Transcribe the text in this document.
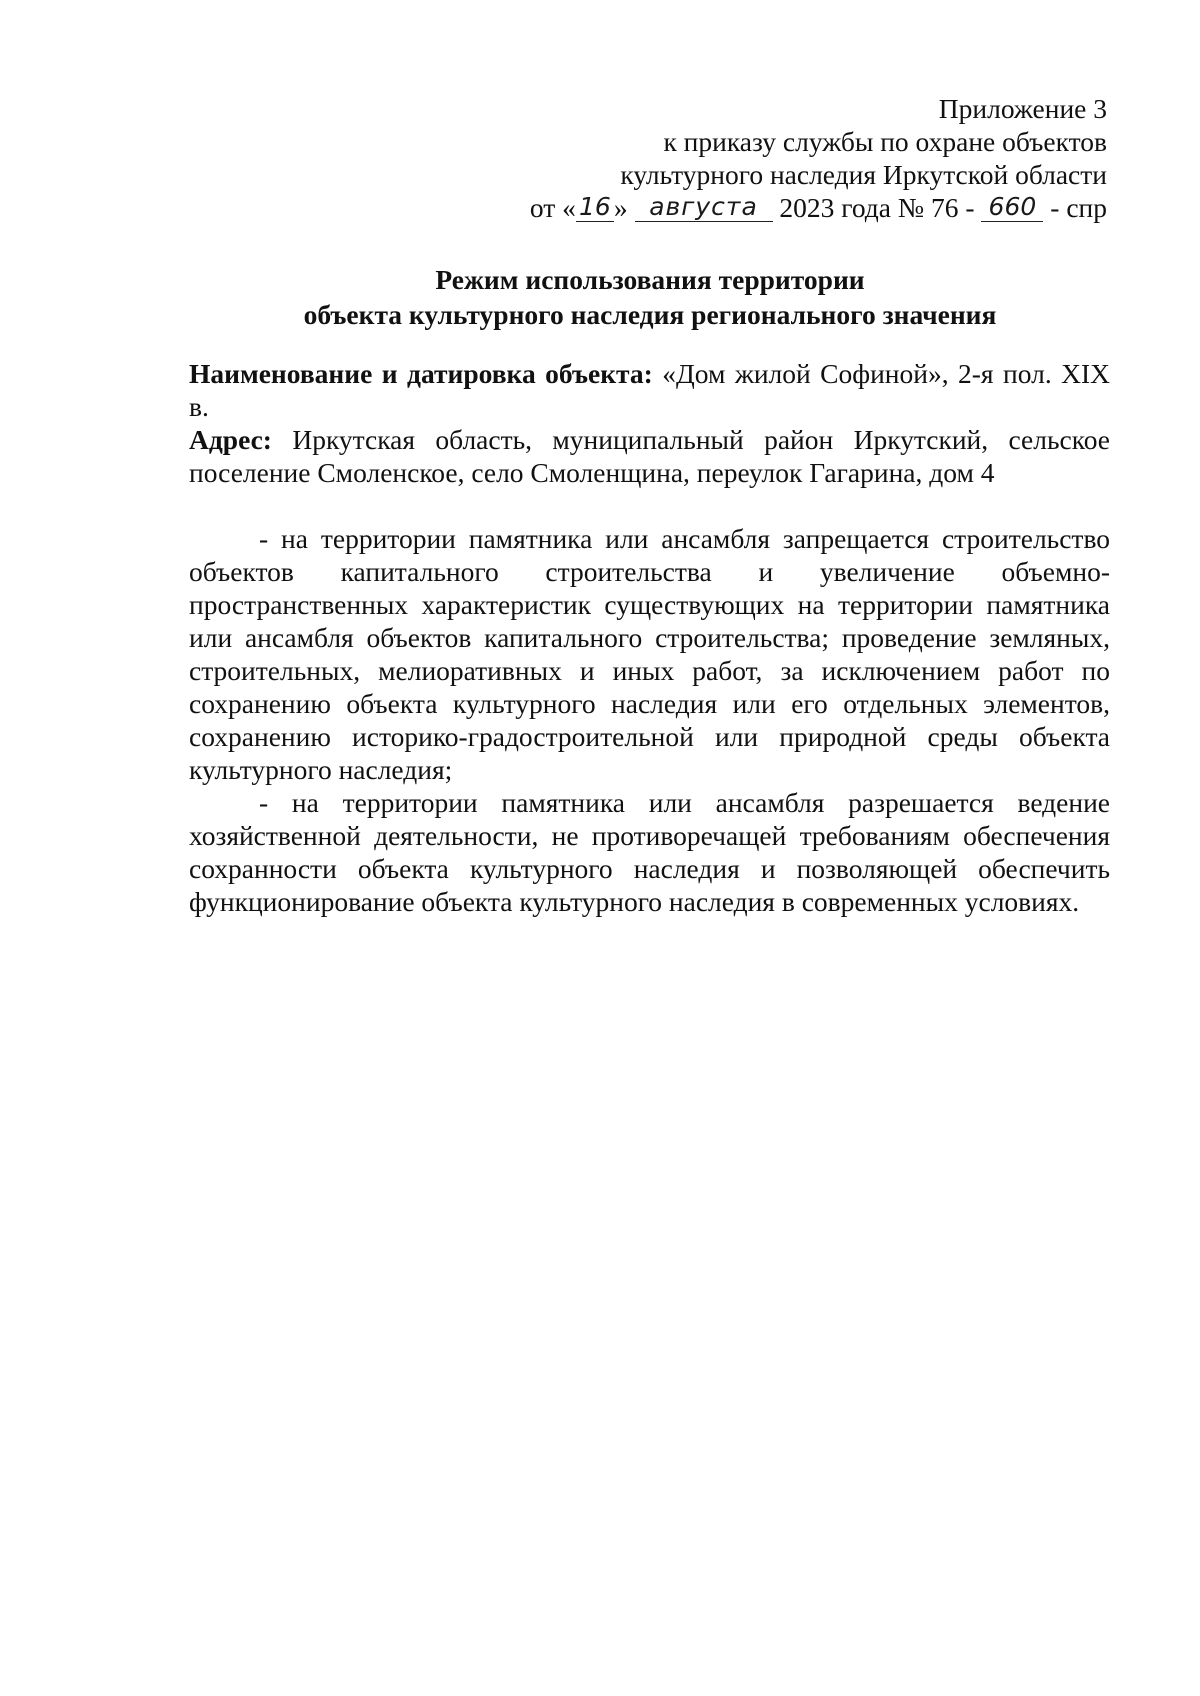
Приложение 3
к приказу службы по охране объектов
культурного наследия Иркутской области
от « 16 » августа 2023 года № 76 - 660 - спр
Режим использования территории
объекта культурного наследия регионального значения

Наименование и датировка объекта: «Дом жилой Софиной», 2-я пол. XIX в.

Адрес: Иркутская область, муниципальный район Иркутский, сельское поселение Смоленское, село Смоленщина, переулок Гагарина, дом 4

- на территории памятника или ансамбля запрещается строительство объектов капитального строительства и увеличение объемно-пространственных характеристик существующих на территории памятника или ансамбля объектов капитального строительства; проведение земляных, строительных, мелиоративных и иных работ, за исключением работ по сохранению объекта культурного наследия или его отдельных элементов, сохранению историко-градостроительной или природной среды объекта культурного наследия;

- на территории памятника или ансамбля разрешается ведение хозяйственной деятельности, не противоречащей требованиям обеспечения сохранности объекта культурного наследия и позволяющей обеспечить функционирование объекта культурного наследия в современных условиях.
